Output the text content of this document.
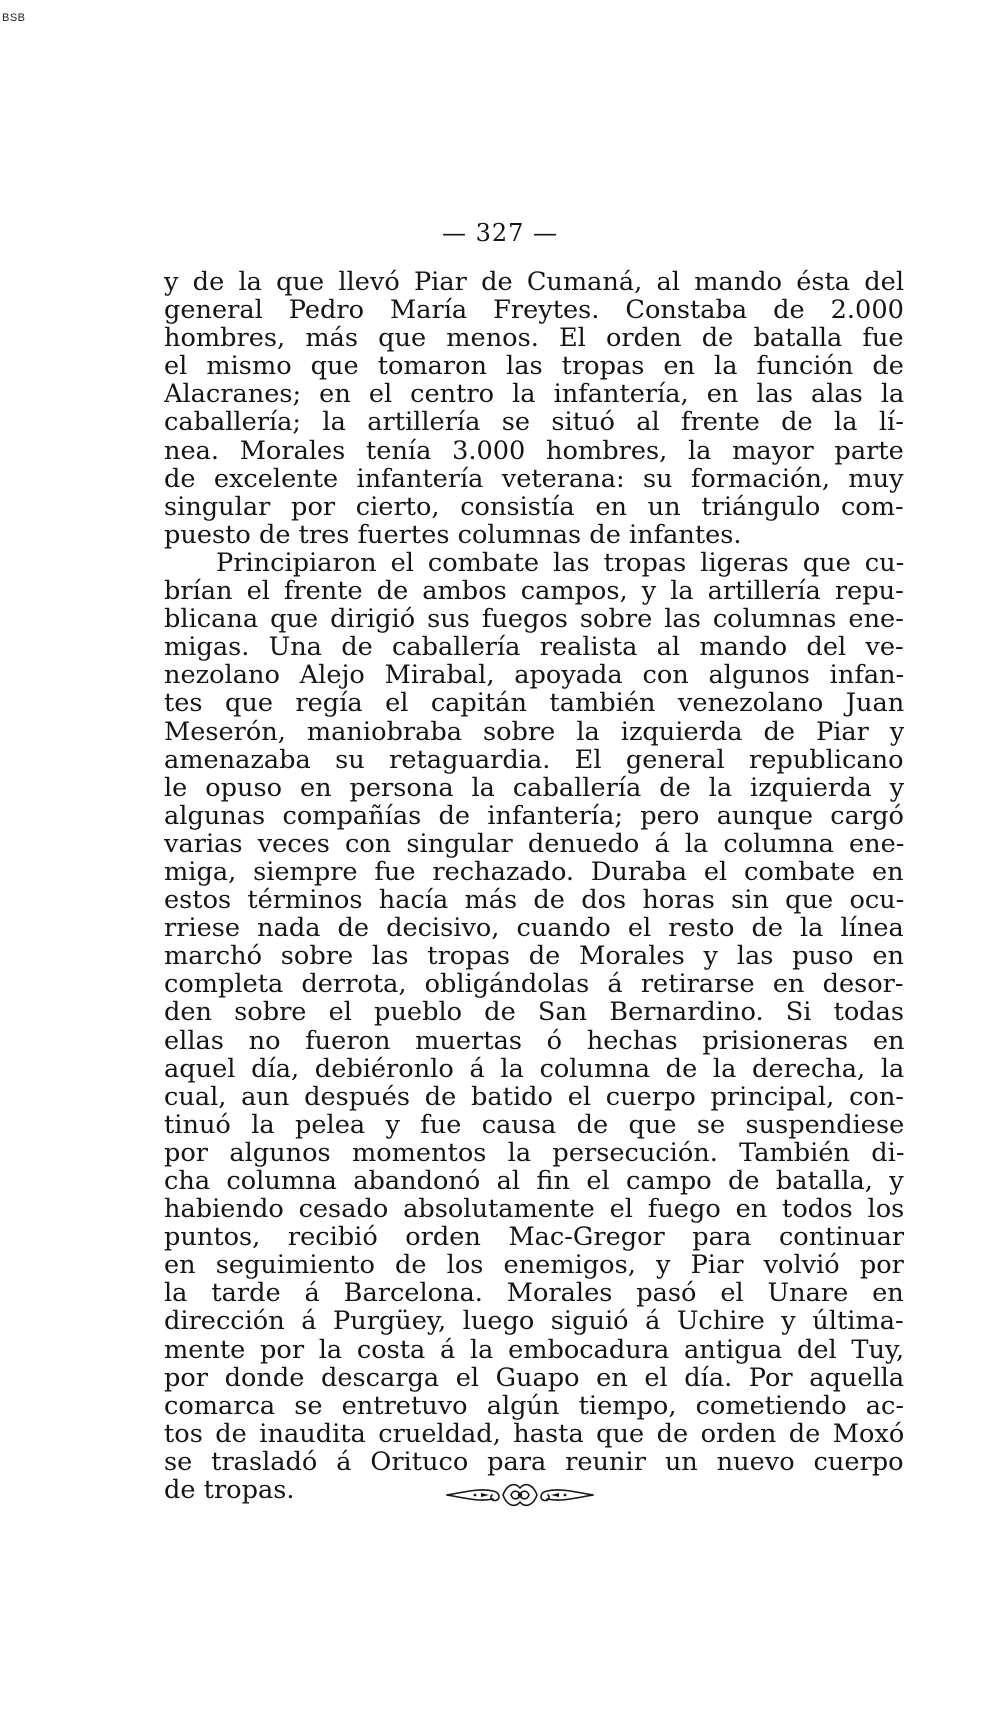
BSB
— 327 —
y de la que llevó Piar de Cumaná, al mando ésta del
general Pedro María Freytes. Constaba de 2.000
hombres, más que menos. El orden de batalla fue
el mismo que tomaron las tropas en la función de
Alacranes; en el centro la infantería, en las alas la
caballería; la artillería se situó al frente de la lí-
nea. Morales tenía 3.000 hombres, la mayor parte
de excelente infantería veterana: su formación, muy
singular por cierto, consistía en un triángulo com-
puesto de tres fuertes columnas de infantes.
Principiaron el combate las tropas ligeras que cu-
brían el frente de ambos campos, y la artillería repu-
blicana que dirigió sus fuegos sobre las columnas ene-
migas. Una de caballería realista al mando del ve-
nezolano Alejo Mirabal, apoyada con algunos infan-
tes que regía el capitán también venezolano Juan
Meserón, maniobraba sobre la izquierda de Piar y
amenazaba su retaguardia. El general republicano
le opuso en persona la caballería de la izquierda y
algunas compañías de infantería; pero aunque cargó
varias veces con singular denuedo á la columna ene-
miga, siempre fue rechazado. Duraba el combate en
estos términos hacía más de dos horas sin que ocu-
rriese nada de decisivo, cuando el resto de la línea
marchó sobre las tropas de Morales y las puso en
completa derrota, obligándolas á retirarse en desor-
den sobre el pueblo de San Bernardino. Si todas
ellas no fueron muertas ó hechas prisioneras en
aquel día, debiéronlo á la columna de la derecha, la
cual, aun después de batido el cuerpo principal, con-
tinuó la pelea y fue causa de que se suspendiese
por algunos momentos la persecución. También di-
cha columna abandonó al fin el campo de batalla, y
habiendo cesado absolutamente el fuego en todos los
puntos, recibió orden Mac-Gregor para continuar
en seguimiento de los enemigos, y Piar volvió por
la tarde á Barcelona. Morales pasó el Unare en
dirección á Purgüey, luego siguió á Uchire y última-
mente por la costa á la embocadura antigua del Tuy,
por donde descarga el Guapo en el día. Por aquella
comarca se entretuvo algún tiempo, cometiendo ac-
tos de inaudita crueldad, hasta que de orden de Moxó
se trasladó á Orituco para reunir un nuevo cuerpo
de tropas.
